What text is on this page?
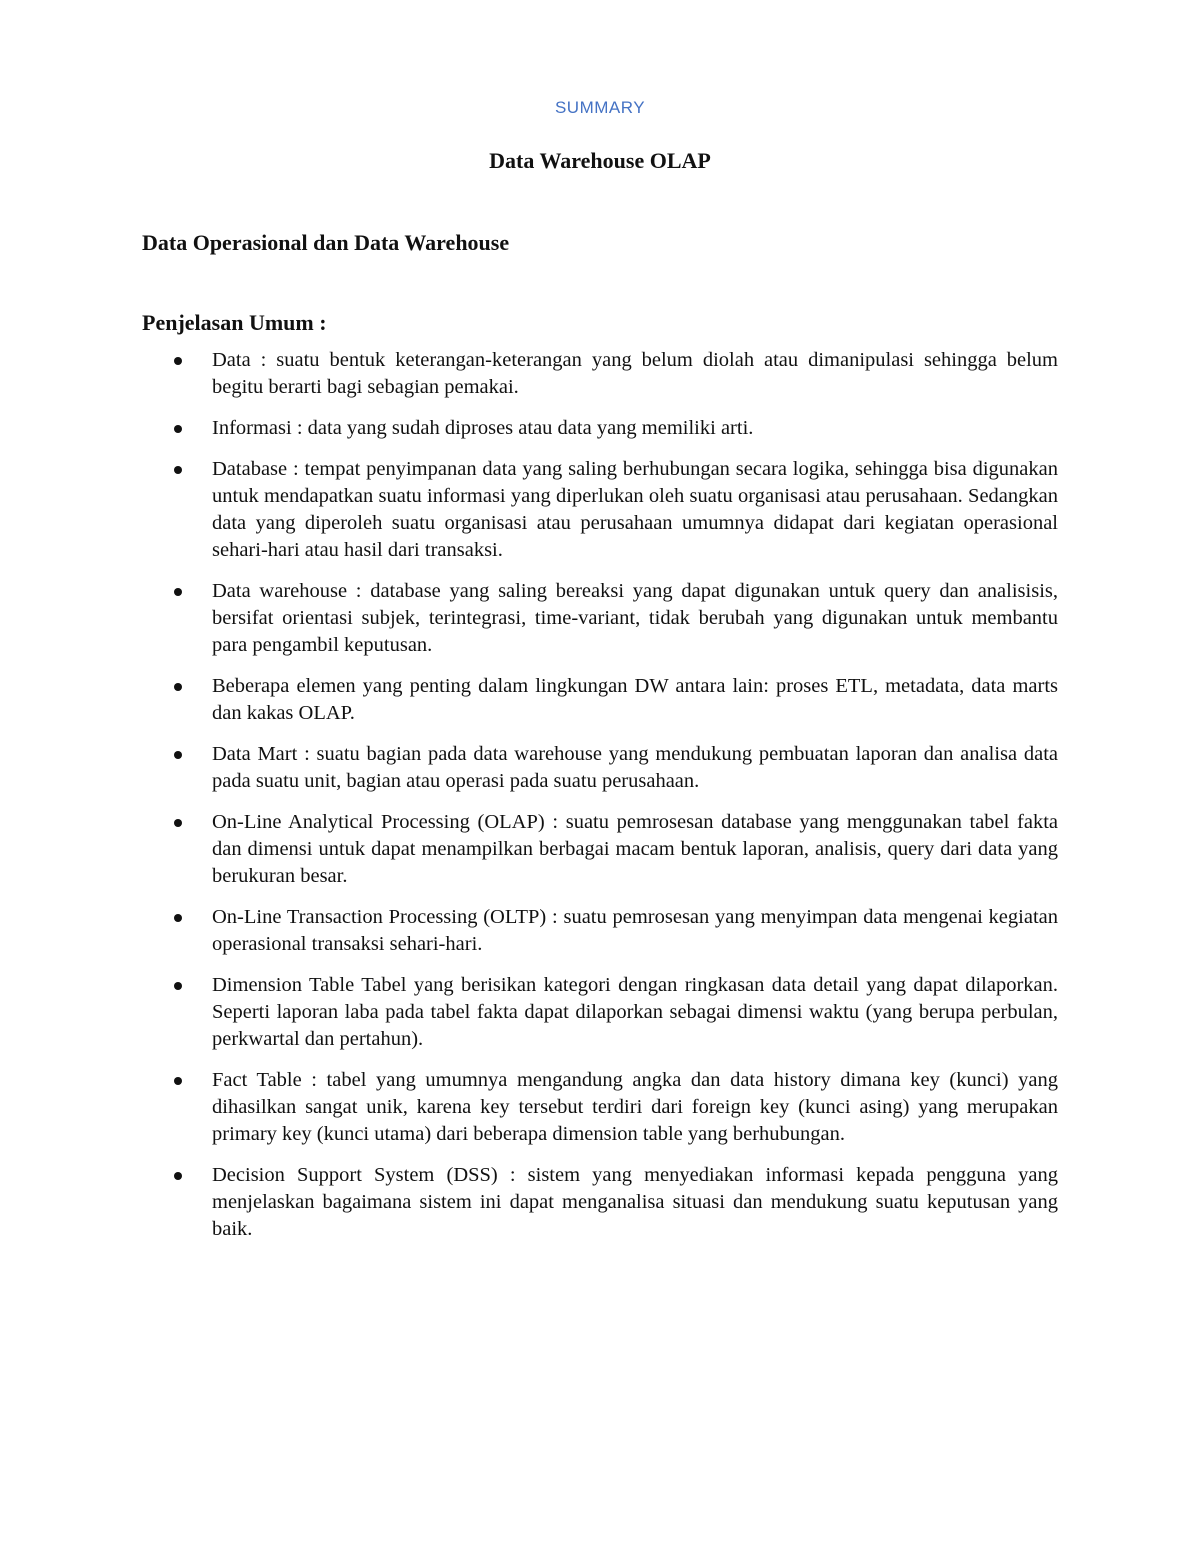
SUMMARY
Data Warehouse OLAP
Data Operasional dan Data Warehouse
Penjelasan Umum :
Data : suatu bentuk keterangan-keterangan yang belum diolah atau dimanipulasi sehingga belum begitu berarti bagi sebagian pemakai.
Informasi : data yang sudah diproses atau data yang memiliki arti.
Database : tempat penyimpanan data yang saling berhubungan secara logika, sehingga bisa digunakan untuk mendapatkan suatu informasi yang diperlukan oleh suatu organisasi atau perusahaan. Sedangkan data yang diperoleh suatu organisasi atau perusahaan umumnya didapat dari kegiatan operasional sehari-hari atau hasil dari transaksi.
Data warehouse : database yang saling bereaksi yang dapat digunakan untuk query dan analisisis, bersifat orientasi subjek, terintegrasi, time-variant, tidak berubah yang digunakan untuk membantu para pengambil keputusan.
Beberapa elemen yang penting dalam lingkungan DW antara lain: proses ETL, metadata, data marts dan kakas OLAP.
Data Mart : suatu bagian pada data warehouse yang mendukung pembuatan laporan dan analisa data pada suatu unit, bagian atau operasi pada suatu perusahaan.
On-Line Analytical Processing (OLAP) : suatu pemrosesan database yang menggunakan tabel fakta dan dimensi untuk dapat menampilkan berbagai macam bentuk laporan, analisis, query dari data yang berukuran besar.
On-Line Transaction Processing (OLTP) : suatu pemrosesan yang menyimpan data mengenai kegiatan operasional transaksi sehari-hari.
Dimension Table Tabel yang berisikan kategori dengan ringkasan data detail yang dapat dilaporkan. Seperti laporan laba pada tabel fakta dapat dilaporkan sebagai dimensi waktu (yang berupa perbulan, perkwartal dan pertahun).
Fact Table : tabel yang umumnya mengandung angka dan data history dimana key (kunci) yang dihasilkan sangat unik, karena key tersebut terdiri dari foreign key (kunci asing) yang merupakan primary key (kunci utama) dari beberapa dimension table yang berhubungan.
Decision Support System (DSS) : sistem yang menyediakan informasi kepada pengguna yang menjelaskan bagaimana sistem ini dapat menganalisa situasi dan mendukung suatu keputusan yang baik.
